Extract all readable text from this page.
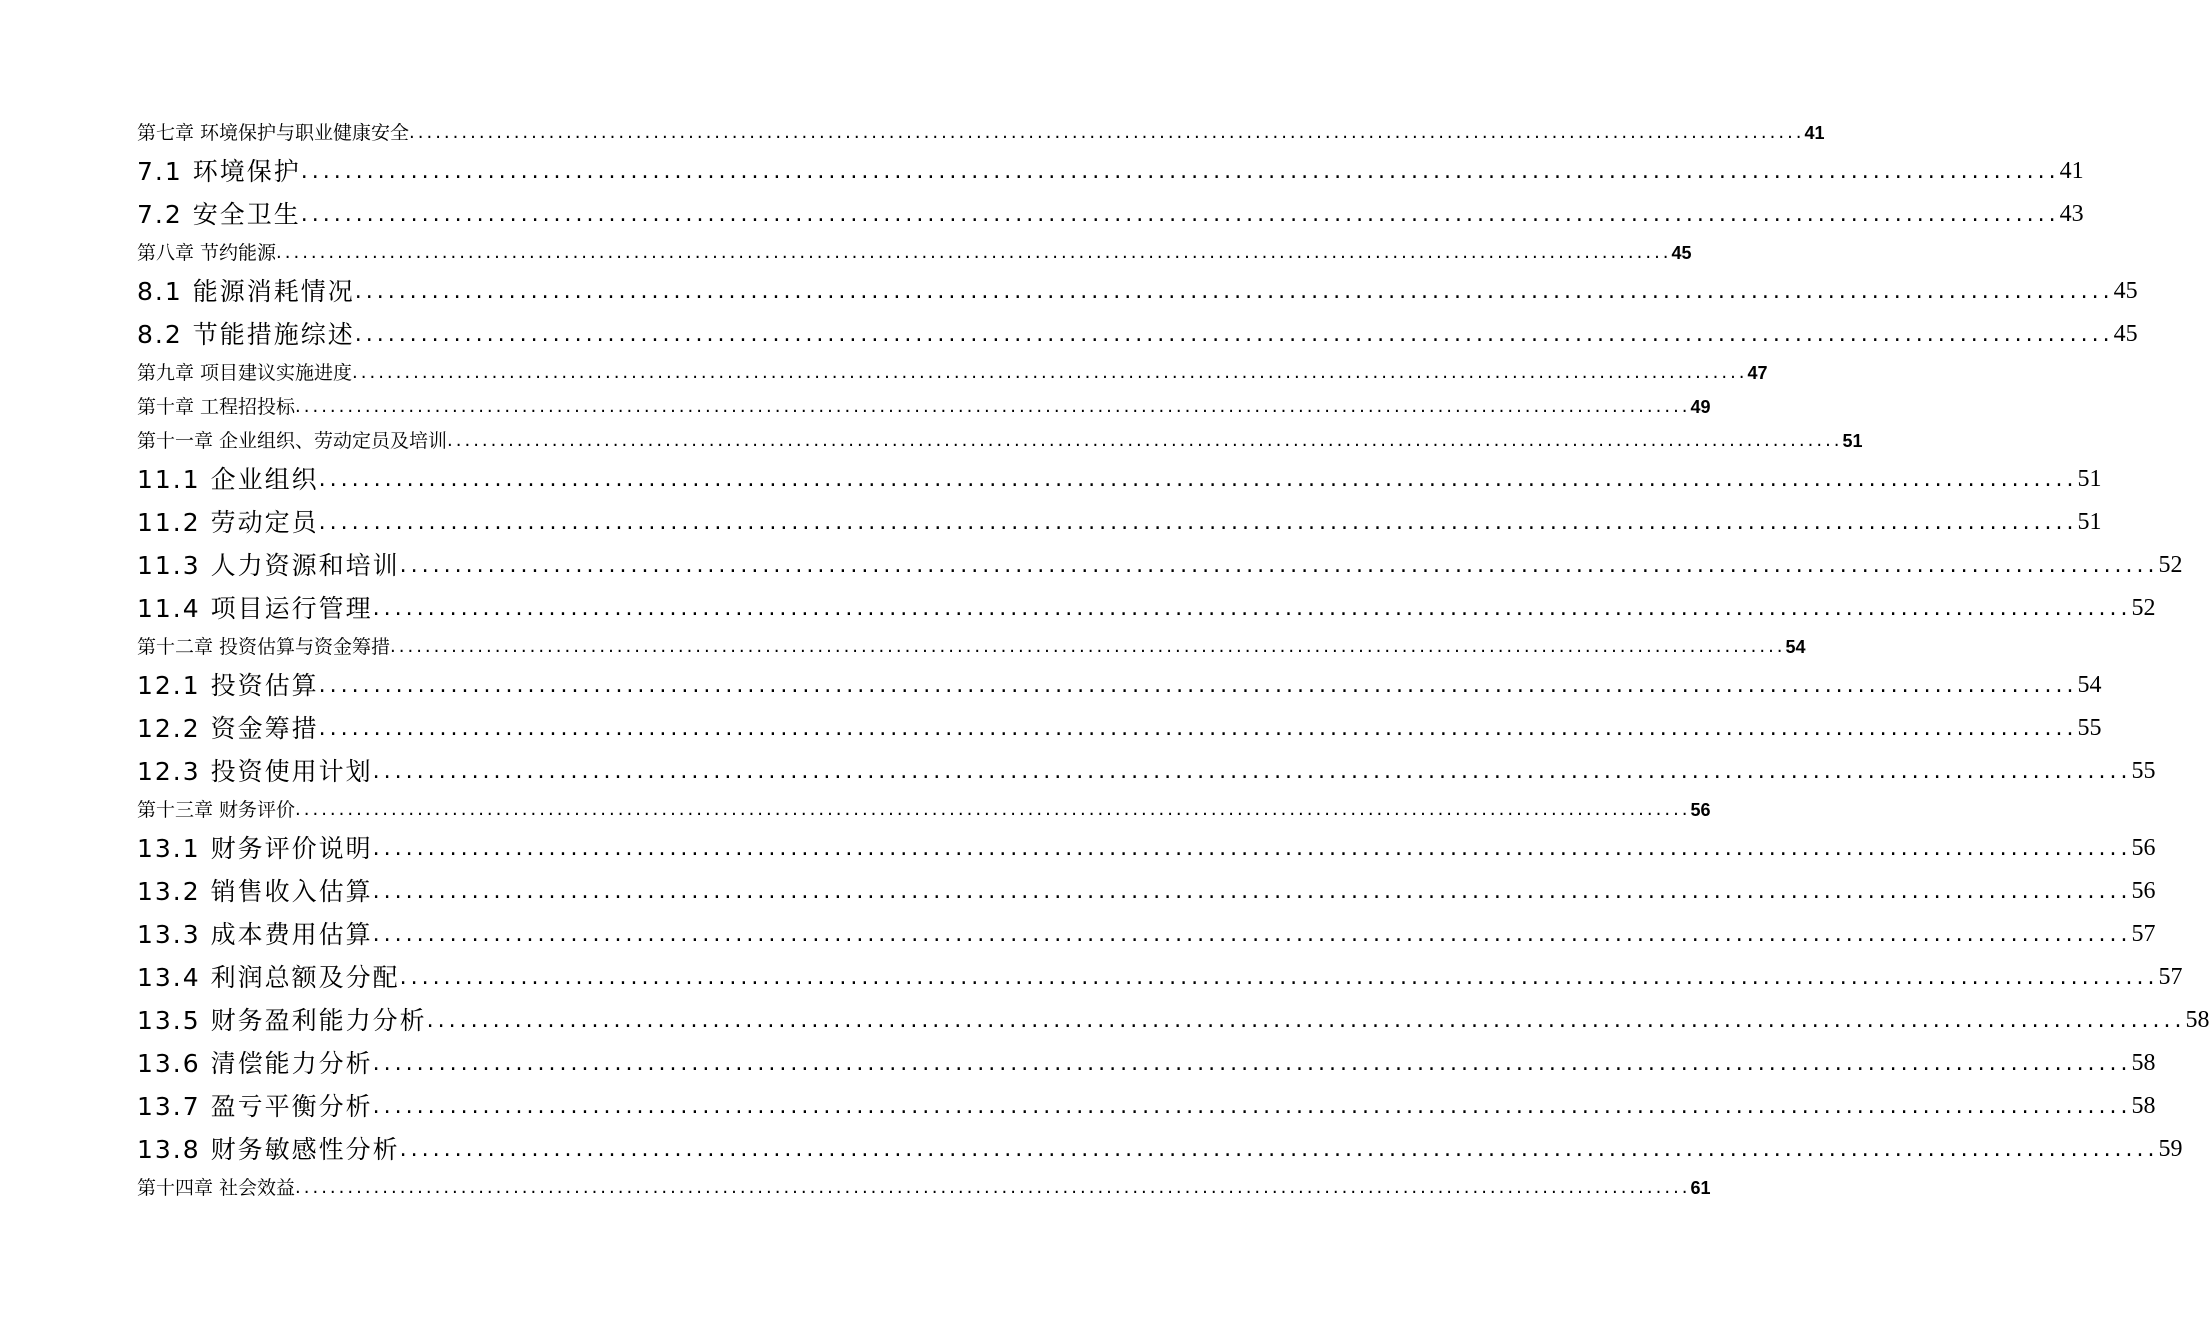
第七章 环境保护与职业健康安全 ................................................................................................................................................................ 41
7.1 环境保护 ................................................................................................................................................................ 41
7.2 安全卫生 ................................................................................................................................................................ 43
第八章 节约能源 ................................................................................................................................................................ 45
8.1 能源消耗情况 ................................................................................................................................................................ 45
8.2 节能措施综述 ................................................................................................................................................................ 45
第九章 项目建议实施进度 ................................................................................................................................................................ 47
第十章 工程招投标 ................................................................................................................................................................ 49
第十一章 企业组织、劳动定员及培训 ................................................................................................................................................................ 51
11.1 企业组织 ................................................................................................................................................................ 51
11.2 劳动定员 ................................................................................................................................................................ 51
11.3 人力资源和培训 ................................................................................................................................................................ 52
11.4 项目运行管理 ................................................................................................................................................................ 52
第十二章 投资估算与资金筹措 ................................................................................................................................................................ 54
12.1 投资估算 ................................................................................................................................................................ 54
12.2 资金筹措 ................................................................................................................................................................ 55
12.3 投资使用计划 ................................................................................................................................................................ 55
第十三章 财务评价 ................................................................................................................................................................ 56
13.1 财务评价说明 ................................................................................................................................................................ 56
13.2 销售收入估算 ................................................................................................................................................................ 56
13.3 成本费用估算 ................................................................................................................................................................ 57
13.4 利润总额及分配 ................................................................................................................................................................ 57
13.5 财务盈利能力分析 ................................................................................................................................................................ 58
13.6 清偿能力分析 ................................................................................................................................................................ 58
13.7 盈亏平衡分析 ................................................................................................................................................................ 58
13.8 财务敏感性分析 ................................................................................................................................................................ 59
第十四章 社会效益 ................................................................................................................................................................ 61
